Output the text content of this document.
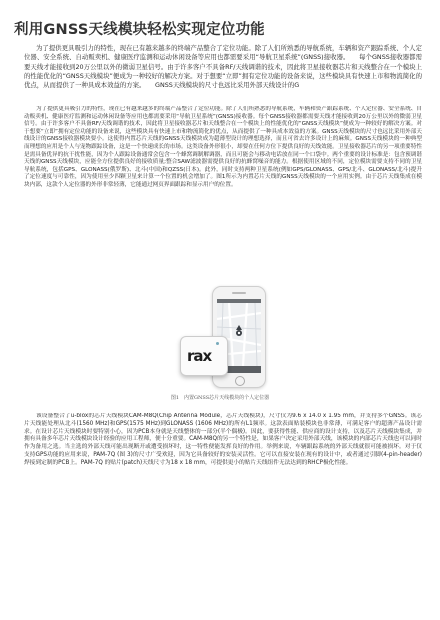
利用GNSS天线模块轻松实现定位功能

为了提供更具吸引力的特性，现在已有越来越多的终端产品整合了定位功能。除了人们所熟悉的导航系统，车辆和资产跟踪系统、个人定位器、安全系统、自动贩卖机、健康医疗监测和运动休闲设备等应用也都需要采用“导航卫星系统”(GNSS)接收器。　　每个GNSS接收器都需要天线才能接收到20万公里以外的微弱卫星信号。由于许多客户不具备RF/天线调谐的技术，因此将卫星接收器芯片和天线整合在一个模块上的性能优化的“GNSS天线模块”便成为一种较好的解决方案。对于想要“立即”拥有定位功能的设备来说，这些模块具有快速上市和物流简化的优点，从而提供了一种具成本效益的方案。　　GNSS天线模块的尺寸也远比采用外部天线设计的G

为了提供更具吸引力的特性，现在已有越来越多的终端产品整合了定位功能。除了人们所熟悉的导航系统，车辆和资产跟踪系统、个人定位器、安全系统、自动贩卖机、健康医疗监测和运动休闲设备等应用也都需要采用“导航卫星系统”(GNSS)接收器。每个GNSS接收器都需要天线才能接收到20万公里以外的微弱卫星信号。由于许多客户不具备RF/天线调谐的技术，因此将卫星接收器芯片和天线整合在一个模块上的性能优化的“GNSS天线模块”便成为一种较好的解决方案。对于想要“立即”拥有定位功能的设备来说，这些模块具有快速上市和物流简化的优点，从而提供了一种具成本效益的方案。GNSS天线模块的尺寸也远比采用外部天线设计的GNSS接收器模块要小。这使得内置芯片天线的GNSS天线模块成为超薄型设计的理想选择，而且可省去许多设计上的麻烦。GNSS天线模块的一种典型而理想的应用是个人与宠物跟踪设备，这是一个快速成长的市场。这类设备外形很小，却要在任何方位下提供良好的天线效能。卫星接收器芯片的另一项重要特性是需具备优异的抗干扰性能，因为个人跟踪设备通常会包含一个蜂窝调制解调器，而且可能会与移动电话放在同一个口袋中。两个重要的设计标准是：包含预调谐天线的GNSS天线模块，应能全方位提供良好的接收质量;整合SAW滤波器需提供良好的抗蜂窝噪音的能力。根据使用区域的不同，定位模块需要支持不同的卫星导航系统，包括GPS、GLONASS(俄罗斯)、北斗(中国)和QZSS(日本)。此外，同时支持两种卫星系统(例如GPS/GLONASS、GPS/北斗、GLONASS/北斗)提升了定位速度与可靠性，因为使用至少四颗卫星来计算一个位置的机会增加了。图1所示为内置芯片天线的GNSS天线模块的一个应用实例。由于芯片天线集成在模块内部，这款个人定位器的外形非常轻薄，它能通过网页界面跟踪和显示用户的位置。

rax
图1　内置GNSS芯片天线模块的个人定位器

该设备整合了u-blox的芯片天线模块CAM-M8Q(Chip Antenna Module，芯片天线模块)，尺寸仅为9.6 x 14.0 x 1.95 mm，并支持多个GNSS。该芯片天线能处理从北斗(1560 MHz)和GPS(1575 MHz)到GLONASS (1606 MHz)的所有L1频率。这款表面贴装模块也非常薄，可满足客户的超薄产品设计需求。在设计芯片天线模块时要特别小心，因为PCB本身就是天线整体的一部分(半个偶极)。因此，要获得性能、供应商的设计支持，以及芯片天线模块集成，并拥有具备多年芯片天线模块设计经验的应用工程师，便十分重要。CAM-M8Q的另一个特性是，如果客户决定采用外部天线，该模块的内部芯片天线也可以同时作为备用之选。当主选的外部天线可能出现断开或遭受损坏时，这一特性便能发挥良好的作用。举例来说，车辆跟踪系统的外部天线就很可能被损坏。对于仅支持GPS功能的应用来说，PAM-7Q (图 3)的尺寸广受欢迎，因为它具备较好的安装灵活性。它可以直接安装在现有的设计中，或者通过引脚(4-pin-header)焊接到定制的PCB上。PAM-7Q 的贴片(patch)天线尺寸为18 x 18 mm，可提供更小的贴片天线组件无法达到的RHCP极化性能。
